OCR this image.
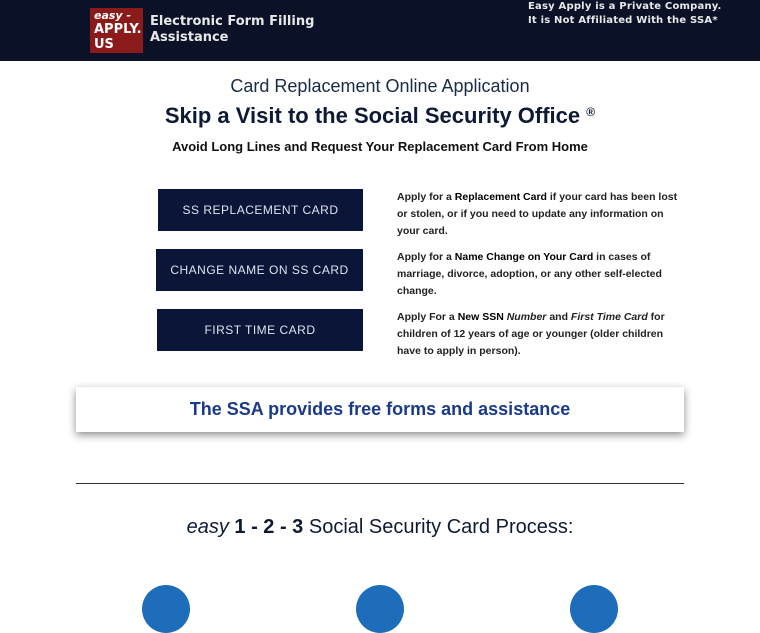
easy -
APPLY.
US
Electronic Form Filling
Assistance
Easy Apply is a Private Company.
It is Not Affiliated With the SSA*
Card Replacement Online Application
Skip a Visit to the Social Security Office ®
Avoid Long Lines and Request Your Replacement Card From Home
SS REPLACEMENT CARD
Apply for a Replacement Card if your card has been lost or stolen, or if you need to update any information on your card.
CHANGE NAME ON SS CARD
Apply for a Name Change on Your Card in cases of marriage, divorce, adoption, or any other self-elected change.
FIRST TIME CARD
Apply For a New SSN Number and First Time Card for children of 12 years of age or younger (older children have to apply in person).
The SSA provides free forms and assistance
easy 1 - 2 - 3 Social Security Card Process:
